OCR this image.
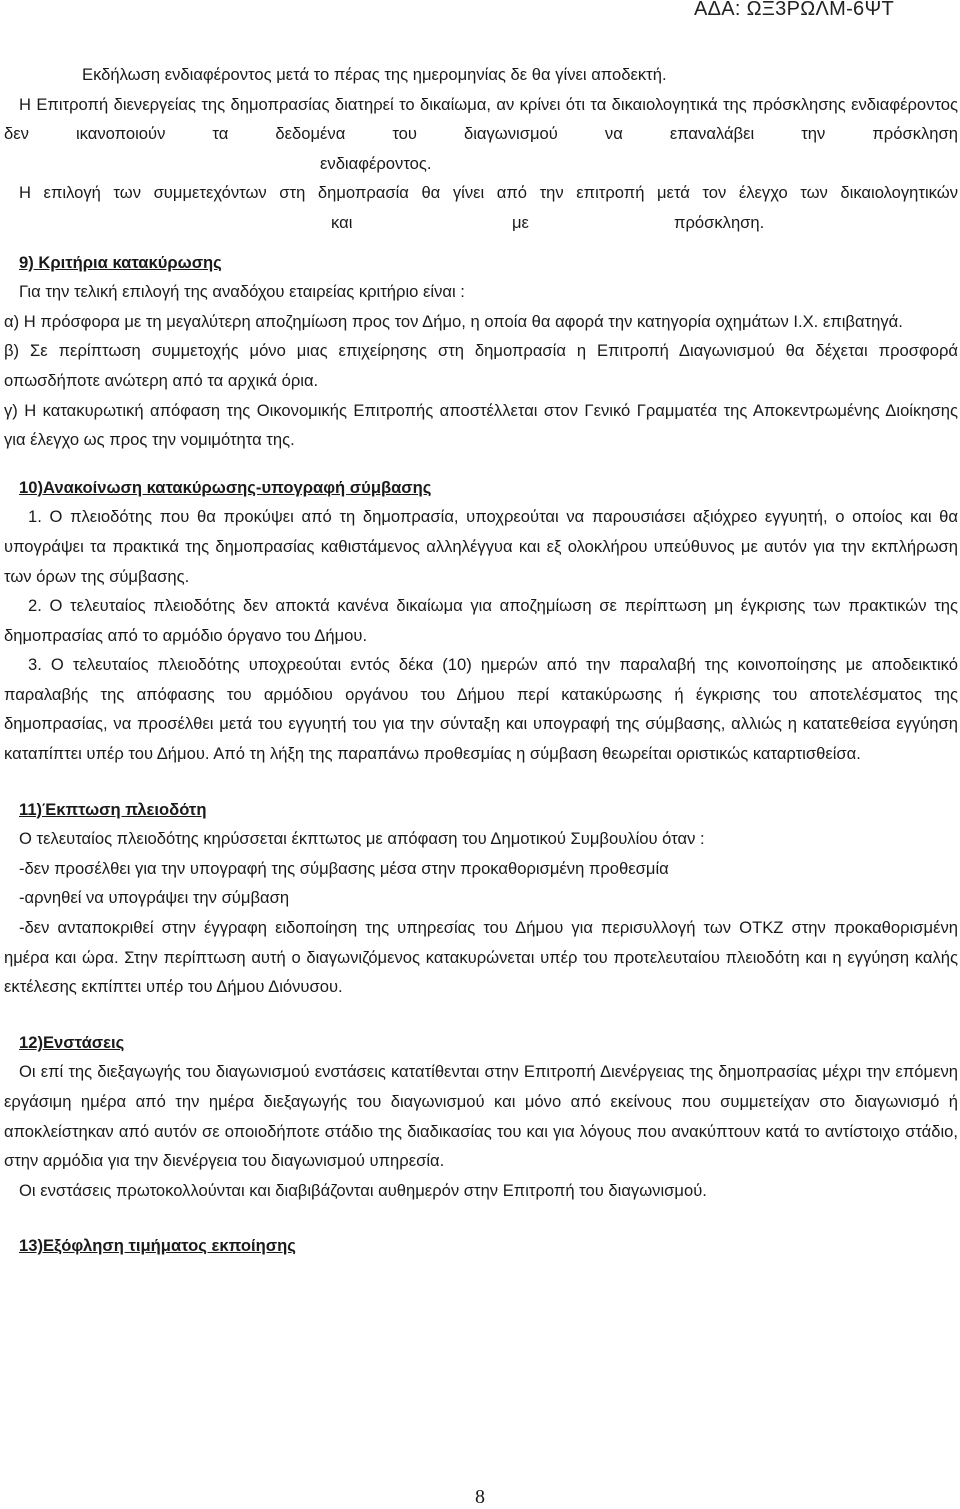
ΑΔΑ: ΩΞ3ΡΩΛΜ-6ΨΤ

Εκδήλωση ενδιαφέροντος μετά το πέρας της ημερομηνίας δε θα γίνει αποδεκτή.

Η Επιτροπή διενεργείας της δημοπρασίας διατηρεί το δικαίωμα, αν κρίνει ότι τα δικαιολογητικά της πρόσκλησης ενδιαφέροντος δεν ικανοποιούν τα δεδομένα του διαγωνισμού να επαναλάβει την πρόσκληση

ενδιαφέροντος.

Η επιλογή των συμμετεχόντων στη δημοπρασία θα γίνει από την επιτροπή μετά τον έλεγχο των δικαιολογητικών

και	με	πρόσκληση.

9) Κριτήρια κατακύρωσης

Για την τελική επιλογή της αναδόχου εταιρείας κριτήριο είναι :

α) Η πρόσφορα με τη μεγαλύτερη αποζημίωση προς τον Δήμο, η οποία θα αφορά την κατηγορία οχημάτων Ι.Χ. επιβατηγά.

β) Σε περίπτωση συμμετοχής μόνο μιας επιχείρησης στη δημοπρασία η Επιτροπή Διαγωνισμού θα δέχεται προσφορά οπωσδήποτε ανώτερη από τα αρχικά όρια.

γ) Η κατακυρωτική απόφαση της Οικονομικής Επιτροπής αποστέλλεται στον Γενικό Γραμματέα της Αποκεντρωμένης Διοίκησης για έλεγχο ως προς την νομιμότητα της.

10)Ανακοίνωση κατακύρωσης-υπογραφή σύμβασης

1. Ο πλειοδότης που θα προκύψει από τη δημοπρασία, υποχρεούται να παρουσιάσει αξιόχρεο εγγυητή, ο οποίος και θα υπογράψει τα πρακτικά της δημοπρασίας καθιστάμενος αλληλέγγυα και εξ ολοκλήρου υπεύθυνος με αυτόν για την εκπλήρωση των όρων της σύμβασης.

2. Ο τελευταίος πλειοδότης δεν αποκτά κανένα δικαίωμα για αποζημίωση σε περίπτωση μη έγκρισης των πρακτικών της δημοπρασίας από το αρμόδιο όργανο του Δήμου.

3. Ο τελευταίος πλειοδότης υποχρεούται εντός δέκα (10) ημερών από την παραλαβή της κοινοποίησης με αποδεικτικό παραλαβής της απόφασης του αρμόδιου οργάνου του Δήμου περί κατακύρωσης ή έγκρισης του αποτελέσματος της δημοπρασίας, να προσέλθει μετά του εγγυητή του για την σύνταξη και υπογραφή της σύμβασης, αλλιώς η κατατεθείσα εγγύηση καταπίπτει υπέρ του Δήμου. Από τη λήξη της παραπάνω προθεσμίας η σύμβαση θεωρείται οριστικώς καταρτισθείσα.

11)Έκπτωση πλειοδότη

Ο τελευταίος πλειοδότης κηρύσσεται έκπτωτος με απόφαση του Δημοτικού Συμβουλίου όταν :

-δεν προσέλθει για την υπογραφή της σύμβασης μέσα στην προκαθορισμένη προθεσμία

-αρνηθεί να υπογράψει την σύμβαση

-δεν ανταποκριθεί στην έγγραφη ειδοποίηση της υπηρεσίας του Δήμου για περισυλλογή των ΟΤΚΖ στην προκαθορισμένη ημέρα και ώρα. Στην περίπτωση αυτή ο διαγωνιζόμενος κατακυρώνεται υπέρ του προτελευταίου πλειοδότη και η εγγύηση καλής εκτέλεσης εκπίπτει υπέρ του Δήμου Διόνυσου.

12)Ενστάσεις

Οι επί της διεξαγωγής του διαγωνισμού ενστάσεις κατατίθενται στην Επιτροπή Διενέργειας της δημοπρασίας μέχρι την επόμενη εργάσιμη ημέρα από την ημέρα διεξαγωγής του διαγωνισμού και μόνο από εκείνους που συμμετείχαν στο διαγωνισμό ή αποκλείστηκαν από αυτόν σε οποιοδήποτε στάδιο της διαδικασίας του και για λόγους που ανακύπτουν κατά το αντίστοιχο στάδιο, στην αρμόδια για την διενέργεια του διαγωνισμού υπηρεσία.

Οι ενστάσεις πρωτοκολλούνται και διαβιβάζονται αυθημερόν στην Επιτροπή του διαγωνισμού.

13)Εξόφληση τιμήματος εκποίησης

8
